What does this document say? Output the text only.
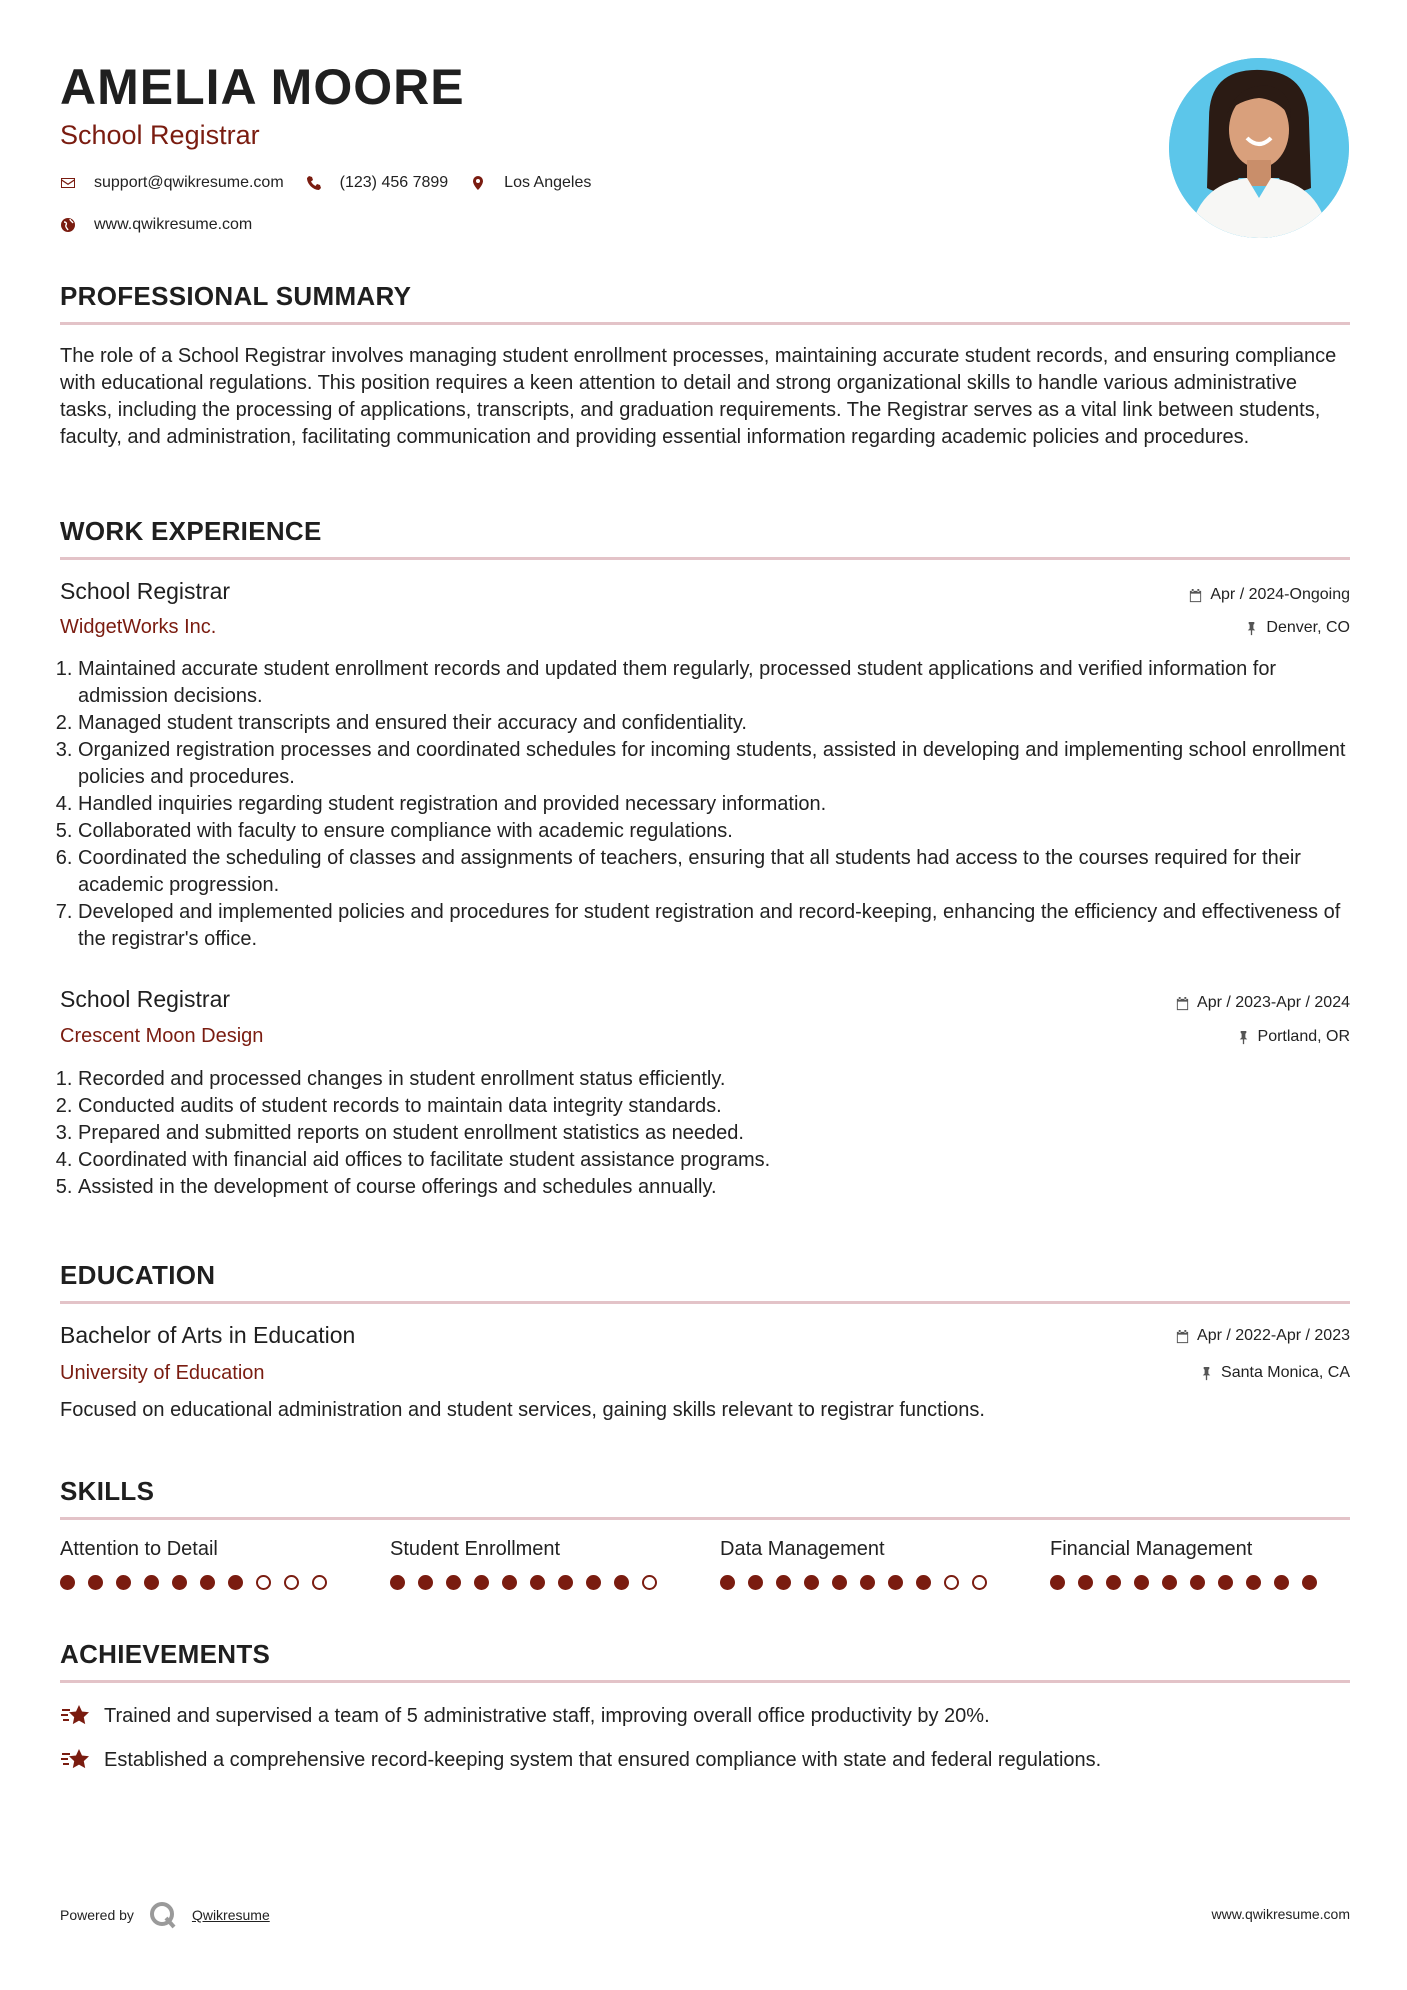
AMELIA MOORE
School Registrar
support@qwikresume.com	(123) 456 7899	Los Angeles
www.qwikresume.com
PROFESSIONAL SUMMARY

The role of a School Registrar involves managing student enrollment processes, maintaining accurate student records, and ensuring compliance with educational regulations. This position requires a keen attention to detail and strong organizational skills to handle various administrative tasks, including the processing of applications, transcripts, and graduation requirements. The Registrar serves as a vital link between students, faculty, and administration, facilitating communication and providing essential information regarding academic policies and procedures.

WORK EXPERIENCE
School Registrar	Apr / 2024-Ongoing
WidgetWorks Inc.	Denver, CO
1. Maintained accurate student enrollment records and updated them regularly, processed student applications and verified information for admission decisions.
2. Managed student transcripts and ensured their accuracy and confidentiality.
3. Organized registration processes and coordinated schedules for incoming students, assisted in developing and implementing school enrollment policies and procedures.
4. Handled inquiries regarding student registration and provided necessary information.
5. Collaborated with faculty to ensure compliance with academic regulations.
6. Coordinated the scheduling of classes and assignments of teachers, ensuring that all students had access to the courses required for their academic progression.
7. Developed and implemented policies and procedures for student registration and record-keeping, enhancing the efficiency and effectiveness of the registrar's office.
School Registrar	Apr / 2023-Apr / 2024
Crescent Moon Design	Portland, OR
1. Recorded and processed changes in student enrollment status efficiently.
2. Conducted audits of student records to maintain data integrity standards.
3. Prepared and submitted reports on student enrollment statistics as needed.
4. Coordinated with financial aid offices to facilitate student assistance programs.
5. Assisted in the development of course offerings and schedules annually.
EDUCATION
Bachelor of Arts in Education	Apr / 2022-Apr / 2023
University of Education	Santa Monica, CA

Focused on educational administration and student services, gaining skills relevant to registrar functions.

SKILLS
Attention to Detail	Student Enrollment	Data Management	Financial Management
ACHIEVEMENTS
Trained and supervised a team of 5 administrative staff, improving overall office productivity by 20%.
Established a comprehensive record-keeping system that ensured compliance with state and federal regulations.
Powered by	Qwikresume	www.qwikresume.com
